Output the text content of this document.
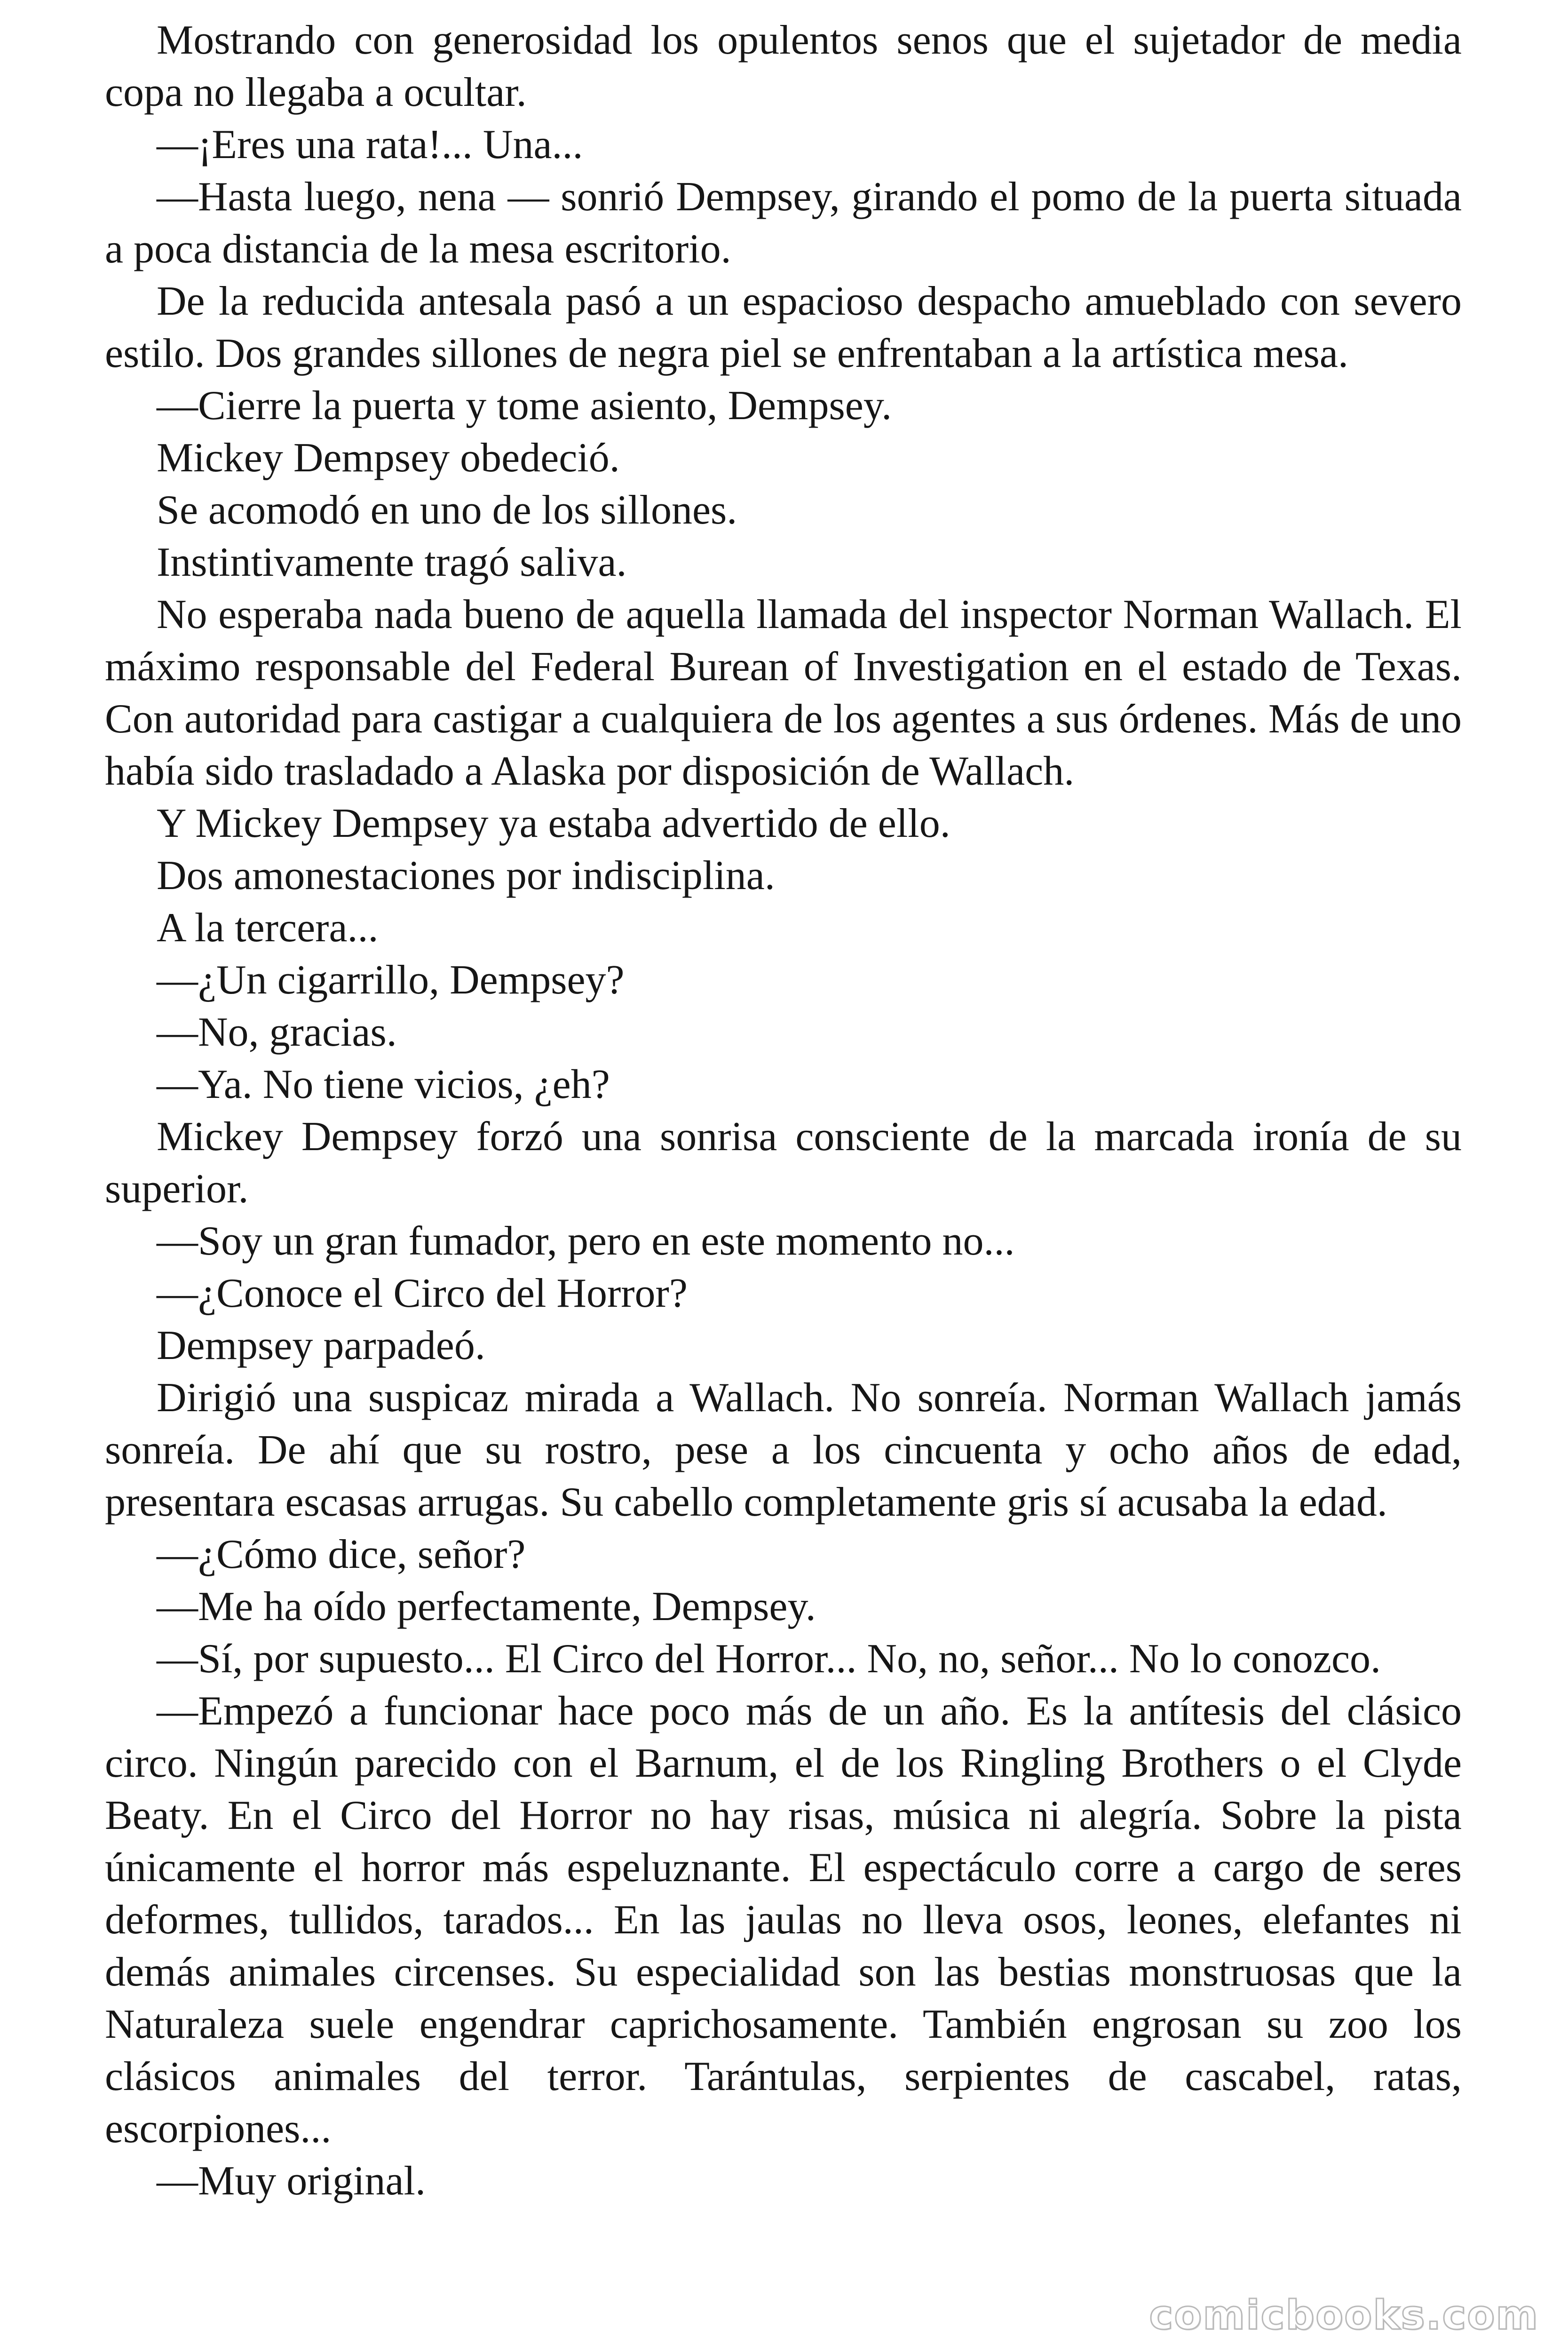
Mostrando con generosidad los opulentos senos que el sujetador de media copa no llegaba a ocultar.

—¡Eres una rata!... Una...

—Hasta luego, nena — sonrió Dempsey, girando el pomo de la puerta situada a poca distancia de la mesa escritorio.

De la reducida antesala pasó a un espacioso despacho amueblado con severo estilo. Dos grandes sillones de negra piel se enfrentaban a la artística mesa.

—Cierre la puerta y tome asiento, Dempsey.

Mickey Dempsey obedeció.

Se acomodó en uno de los sillones.

Instintivamente tragó saliva.

No esperaba nada bueno de aquella llamada del inspector Norman Wallach. El máximo responsable del Federal Burean of Investigation en el estado de Texas. Con autoridad para castigar a cualquiera de los agentes a sus órdenes. Más de uno había sido trasladado a Alaska por disposición de Wallach.

Y Mickey Dempsey ya estaba advertido de ello.

Dos amonestaciones por indisciplina.

A la tercera...

—¿Un cigarrillo, Dempsey?

—No, gracias.

—Ya. No tiene vicios, ¿eh?

Mickey Dempsey forzó una sonrisa consciente de la marcada ironía de su superior.

—Soy un gran fumador, pero en este momento no...

—¿Conoce el Circo del Horror?

Dempsey parpadeó.

Dirigió una suspicaz mirada a Wallach. No sonreía. Norman Wallach jamás sonreía. De ahí que su rostro, pese a los cincuenta y ocho años de edad, presentara escasas arrugas. Su cabello completamente gris sí acusaba la edad.

—¿Cómo dice, señor?

—Me ha oído perfectamente, Dempsey.

—Sí, por supuesto... El Circo del Horror... No, no, señor... No lo conozco.

—Empezó a funcionar hace poco más de un año. Es la antítesis del clásico circo. Ningún parecido con el Barnum, el de los Ringling Brothers o el Clyde Beaty. En el Circo del Horror no hay risas, música ni alegría. Sobre la pista únicamente el horror más espeluznante. El espectáculo corre a cargo de seres deformes, tullidos, tarados... En las jaulas no lleva osos, leones, elefantes ni demás animales circenses. Su especialidad son las bestias monstruosas que la Naturaleza suele engendrar caprichosamente. También engrosan su zoo los clásicos animales del terror. Tarántulas, serpientes de cascabel, ratas, escorpiones...

—Muy original.

comicbooks.com
